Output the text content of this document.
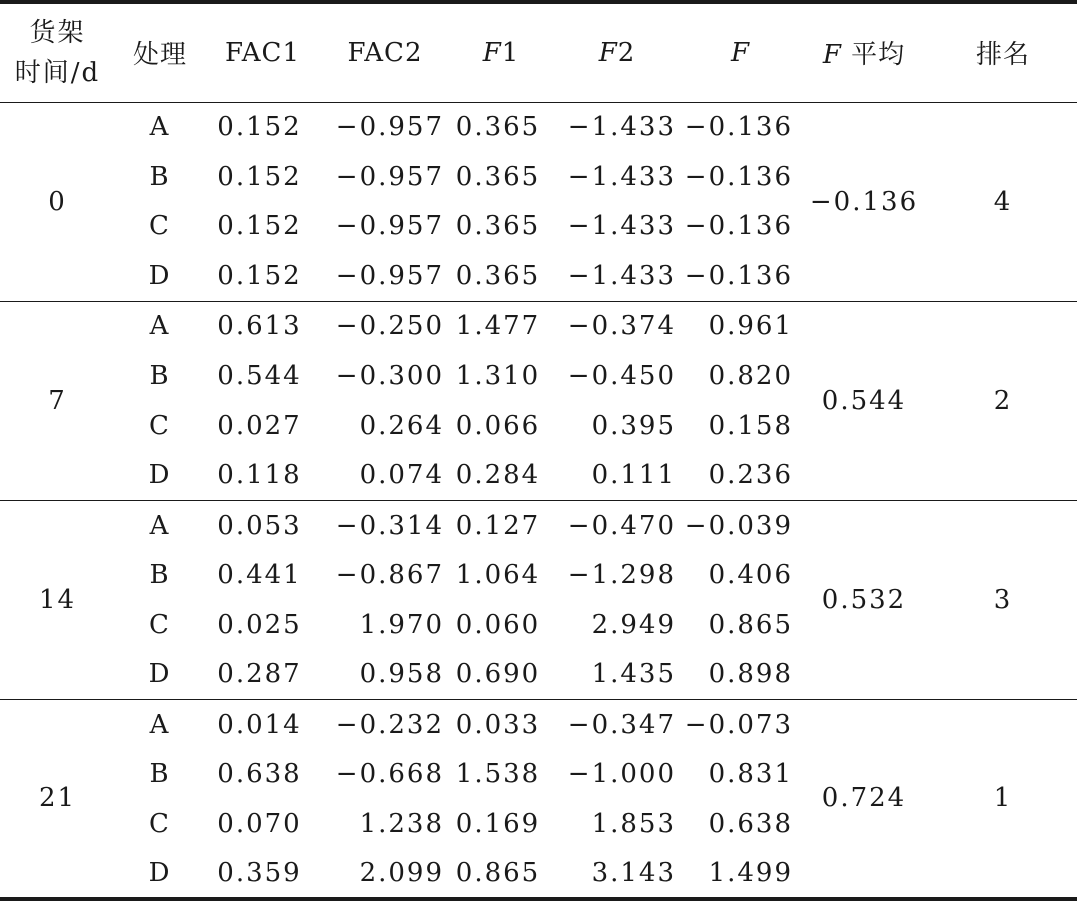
货架
时间/d	处理	FAC1	FAC2	F1	F2	F	F 平均	排名
0	A	0.152	−0.957	0.365	−1.433	−0.136	−0.136	4
	B	0.152	−0.957	0.365	−1.433	−0.136		
	C	0.152	−0.957	0.365	−1.433	−0.136		
	D	0.152	−0.957	0.365	−1.433	−0.136		
7	A	0.613	−0.250	1.477	−0.374	0.961	0.544	2
	B	0.544	−0.300	1.310	−0.450	0.820		
	C	0.027	0.264	0.066	0.395	0.158		
	D	0.118	0.074	0.284	0.111	0.236		
14	A	0.053	−0.314	0.127	−0.470	−0.039	0.532	3
	B	0.441	−0.867	1.064	−1.298	0.406		
	C	0.025	1.970	0.060	2.949	0.865		
	D	0.287	0.958	0.690	1.435	0.898		
21	A	0.014	−0.232	0.033	−0.347	−0.073	0.724	1
	B	0.638	−0.668	1.538	−1.000	0.831		
	C	0.070	1.238	0.169	1.853	0.638		
	D	0.359	2.099	0.865	3.143	1.499		
